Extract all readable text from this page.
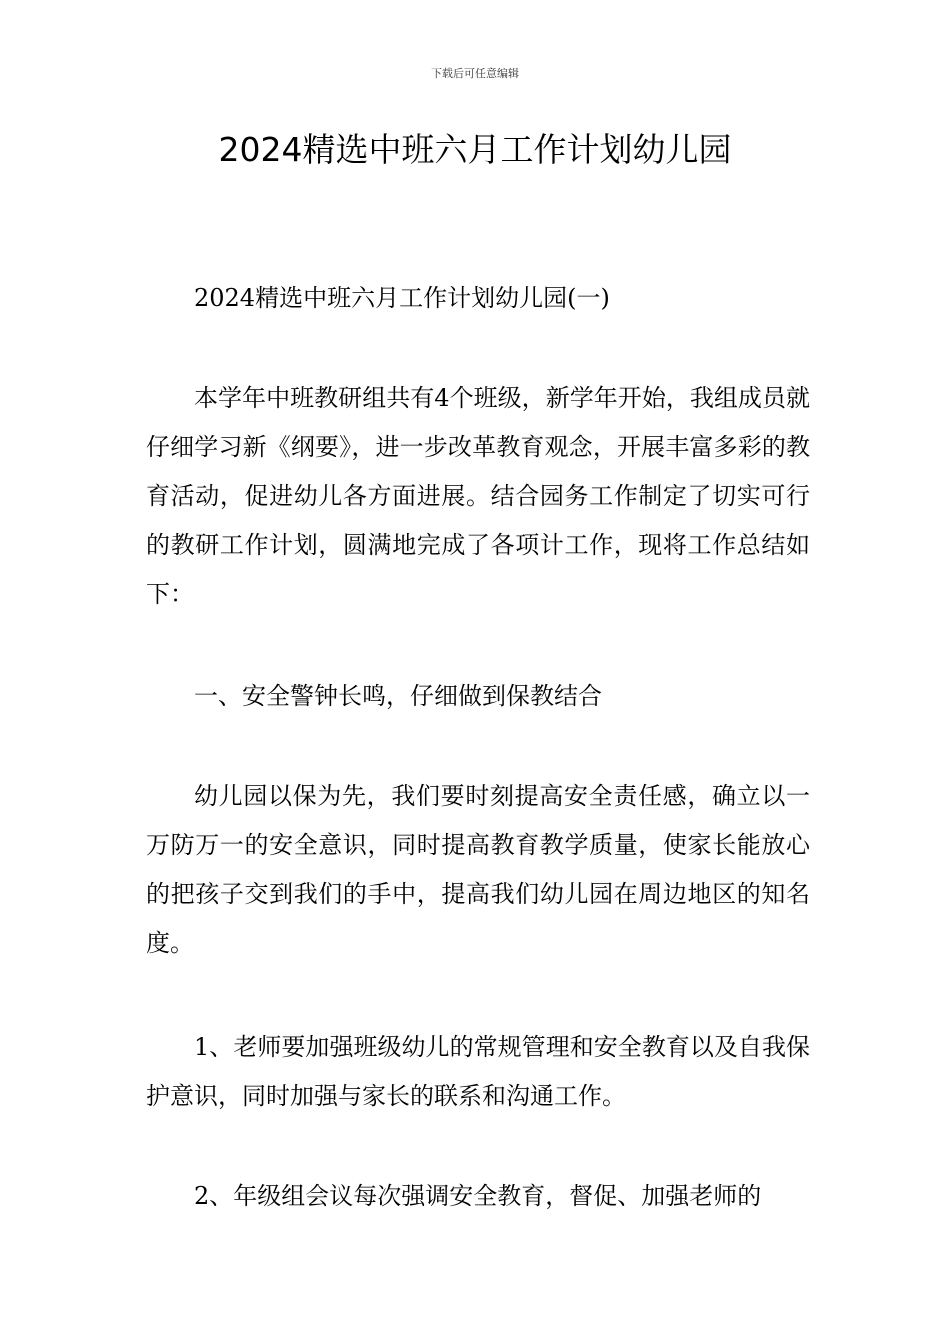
下载后可任意编辑
2024精选中班六月工作计划幼儿园

2024精选中班六月工作计划幼儿园(一)

本学年中班教研组共有4个班级，新学年开始，我组成员就仔细学习新《纲要》，进一步改革教育观念，开展丰富多彩的教育活动，促进幼儿各方面进展。结合园务工作制定了切实可行的教研工作计划，圆满地完成了各项计工作，现将工作总结如下：

一、安全警钟长鸣，仔细做到保教结合

幼儿园以保为先，我们要时刻提高安全责任感，确立以一万防万一的安全意识，同时提高教育教学质量，使家长能放心的把孩子交到我们的手中，提高我们幼儿园在周边地区的知名度。

1、老师要加强班级幼儿的常规管理和安全教育以及自我保护意识，同时加强与家长的联系和沟通工作。

2、年级组会议每次强调安全教育，督促、加强老师的
